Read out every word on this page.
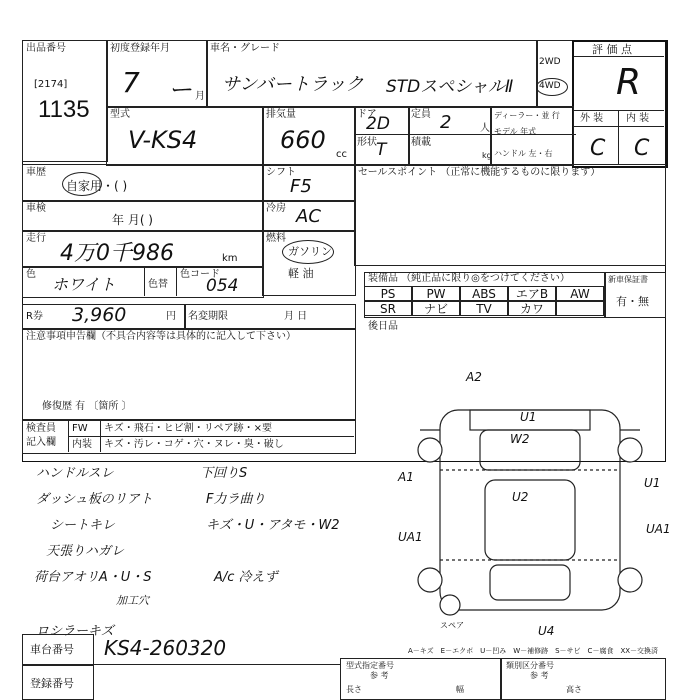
出品番号
[2174]
1135
初度登録年月
7 ー 月
車名・グレード
サンバートラック STDスペシャルⅡ
2WD
4WD
評 価 点
R
外 装 内 装
C C
型式
V-KS4
排気量
660
cc
ドア
2D
形状 T
定員 2	人
積載
kg
ディーラー・並 行
モデル 年式
ハンドル 左・右
車歴
自家用・( )
シフト
F5
車検
年 月( )
冷房 AC
走行
4万0千986	km
燃料
ガソリン
軽 油
色
ホワイト	色替
色コード
054
R券 3,960	円 名変期限	月 日
セールスポイント （正常に機能するものに限ります）
装備品 （純正品に限り◎をつけてください）
PS	PW	ABS	エアB	AW
SR	ナビ	TV	カワ
新車保証書
有・無
後日品
注意事項申告欄（不具合内容等は具体的に記入して下さい）
修復歴 有 〔箇所 〕
検査員
記入欄
FW キズ・飛石・ヒビ割・リペア跡・×要
内装 キズ・汚レ・コゲ・穴・ヌレ・臭・破し
ハンドルスレ
ダッシュ板のリアト
シートキレ
天張りハガレ
荷台アオリA・U・S
加工穴
下回りS
F力ラ曲り
キズ・U・アタモ・W2
A/c 冷えず
ロシラーキズ
A2
U1
W2
A1
U2
UA1
U1
UA1
U4
スペア
A－キズ　E－エクボ　U－凹み　W－補修跡　S－サビ　C－腐食　XX－交換済
車台番号 KS4-260320
登録番号
型式指定番号
参 考
類別区分番号
参 考
長さ	幅	高さ
